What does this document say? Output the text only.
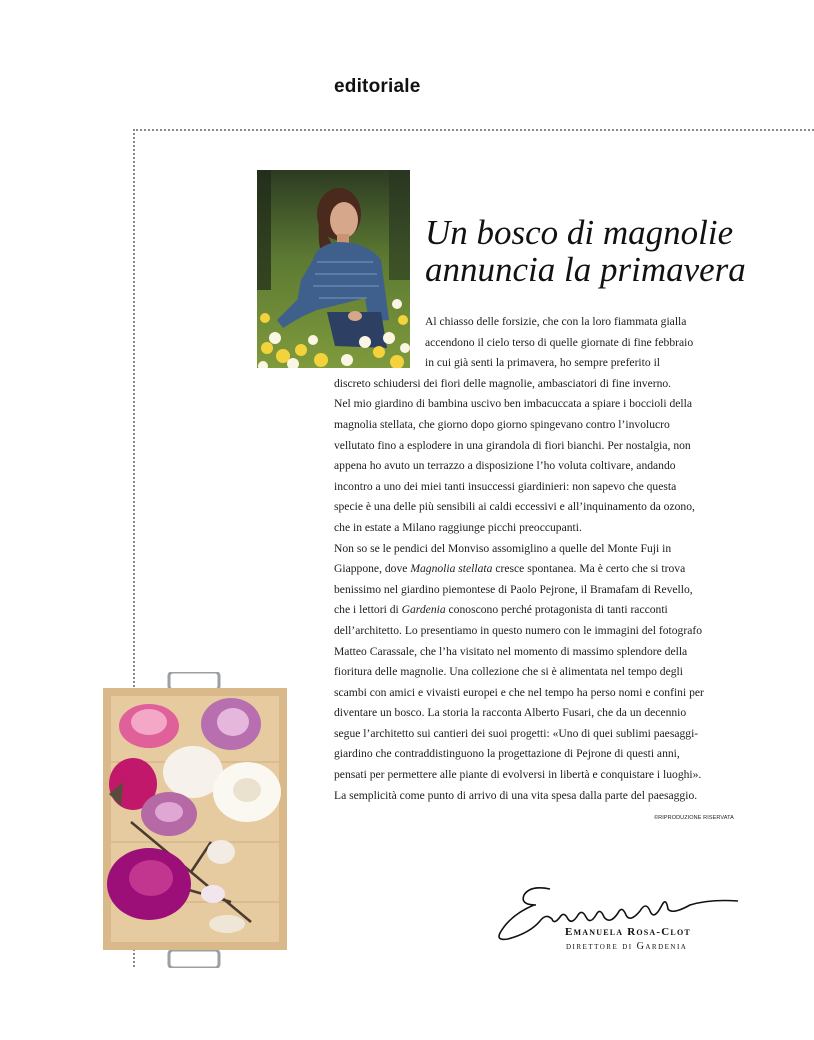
editoriale
Un bosco di magnolie
annuncia la primavera
Al chiasso delle forsizie, che con la loro fiammata gialla
accendono il cielo terso di quelle giornate di fine febbraio
in cui già senti la primavera, ho sempre preferito il
discreto schiudersi dei fiori delle magnolie, ambasciatori di fine inverno.
Nel mio giardino di bambina uscivo ben imbacuccata a spiare i boccioli della
magnolia stellata, che giorno dopo giorno spingevano contro l’involucro
vellutato fino a esplodere in una girandola di fiori bianchi. Per nostalgia, non
appena ho avuto un terrazzo a disposizione l’ho voluta coltivare, andando
incontro a uno dei miei tanti insuccessi giardinieri: non sapevo che questa
specie è una delle più sensibili ai caldi eccessivi e all’inquinamento da ozono,
che in estate a Milano raggiunge picchi preoccupanti.
Non so se le pendici del Monviso assomiglino a quelle del Monte Fuji in
Giappone, dove Magnolia stellata cresce spontanea. Ma è certo che si trova
benissimo nel giardino piemontese di Paolo Pejrone, il Bramafam di Revello,
che i lettori di Gardenia conoscono perché protagonista di tanti racconti
dell’architetto. Lo presentiamo in questo numero con le immagini del fotografo
Matteo Carassale, che l’ha visitato nel momento di massimo splendore della
fioritura delle magnolie. Una collezione che si è alimentata nel tempo degli
scambi con amici e vivaisti europei e che nel tempo ha perso nomi e confini per
diventare un bosco. La storia la racconta Alberto Fusari, che da un decennio
segue l’architetto sui cantieri dei suoi progetti: «Uno di quei sublimi paesaggi-
giardino che contraddistinguono la progettazione di Pejrone di questi anni,
pensati per permettere alle piante di evolversi in libertà e conquistare i luoghi».
La semplicità come punto di arrivo di una vita spesa dalla parte del paesaggio.
©RIPRODUZIONE RISERVATA
Emanuela
Emanuela Rosa-Clot
direttore di Gardenia
